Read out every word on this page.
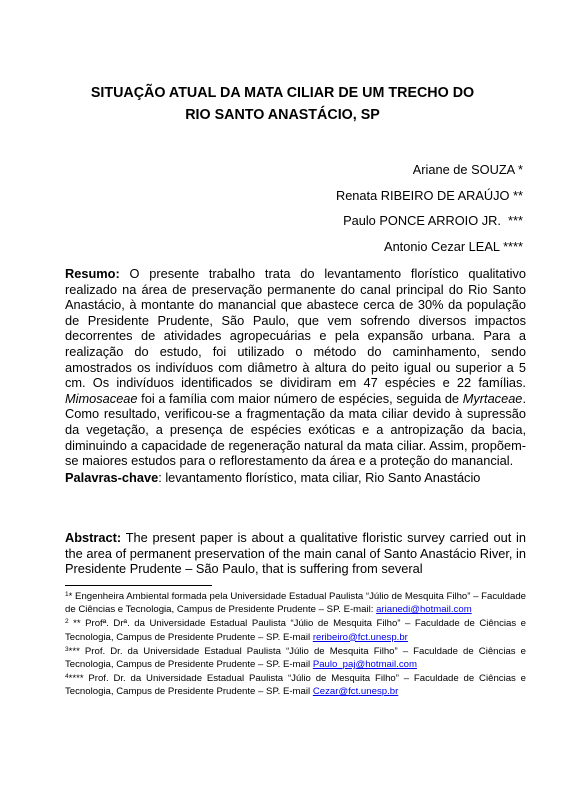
SITUAÇÃO ATUAL DA MATA CILIAR DE UM TRECHO DO
RIO SANTO ANASTÁCIO, SP
Ariane de SOUZA *
Renata RIBEIRO DE ARAÚJO **
Paulo PONCE ARROIO JR.  ***
Antonio Cezar LEAL ****

Resumo: O presente trabalho trata do levantamento florístico qualitativo realizado na área de preservação permanente do canal principal do Rio Santo Anastácio, à montante do manancial que abastece cerca de 30% da população de Presidente Prudente, São Paulo, que vem sofrendo diversos impactos decorrentes de atividades agropecuárias e pela expansão urbana. Para a realização do estudo, foi utilizado o método do caminhamento, sendo amostrados os indivíduos com diâmetro à altura do peito igual ou superior a 5 cm. Os indivíduos identificados se dividiram em 47 espécies e 22 famílias. Mimosaceae foi a família com maior número de espécies, seguida de Myrtaceae. Como resultado, verificou-se a fragmentação da mata ciliar devido à supressão da vegetação, a presença de espécies exóticas e a antropização da bacia, diminuindo a capacidade de regeneração natural da mata ciliar. Assim, propõem-se maiores estudos para o reflorestamento da área e a proteção do manancial.

Palavras-chave: levantamento florístico, mata ciliar, Rio Santo Anastácio

Abstract: The present paper is about a qualitative floristic survey carried out in the area of permanent preservation of the main canal of Santo Anastácio River, in Presidente Prudente – São Paulo, that is suffering from several

$^1$* Engenheira Ambiental formada pela Universidade Estadual Paulista “Júlio de Mesquita Filho” – Faculdade de Ciências e Tecnologia, Campus de Presidente Prudente – SP. E-mail: arianedi@hotmail.com

$^2$ ** Profª. Drª. da Universidade Estadual Paulista “Júlio de Mesquita Filho” – Faculdade de Ciências e Tecnologia, Campus de Presidente Prudente – SP. E-mail reribeiro@fct.unesp.br

$^3$*** Prof. Dr. da Universidade Estadual Paulista “Júlio de Mesquita Filho” – Faculdade de Ciências e Tecnologia, Campus de Presidente Prudente – SP. E-mail Paulo_paj@hotmail.com

$^4$**** Prof. Dr. da Universidade Estadual Paulista “Júlio de Mesquita Filho” – Faculdade de Ciências e Tecnologia, Campus de Presidente Prudente – SP. E-mail Cezar@fct.unesp.br
